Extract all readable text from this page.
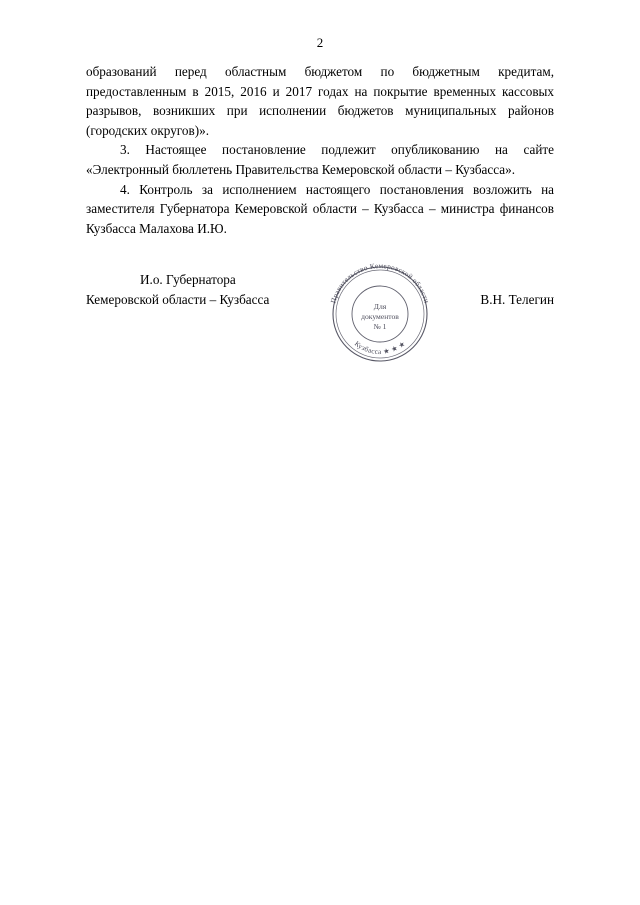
2

образований перед областным бюджетом по бюджетным кредитам, предоставленным в 2015, 2016 и 2017 годах на покрытие временных кассовых разрывов, возникших при исполнении бюджетов муниципальных районов (городских округов)».

3. Настоящее постановление подлежит опубликованию на сайте «Электронный бюллетень Правительства Кемеровской области – Кузбасса».

4. Контроль за исполнением настоящего постановления возложить на заместителя Губернатора Кемеровской области – Кузбасса – министра финансов Кузбасса Малахова И.Ю.

И.о. Губернатора
Кемеровской области – Кузбасса	В.Н. Телегин
Правительство Кемеровской области
Кузбасса ★ ★ ★
Для
документов
№ 1
